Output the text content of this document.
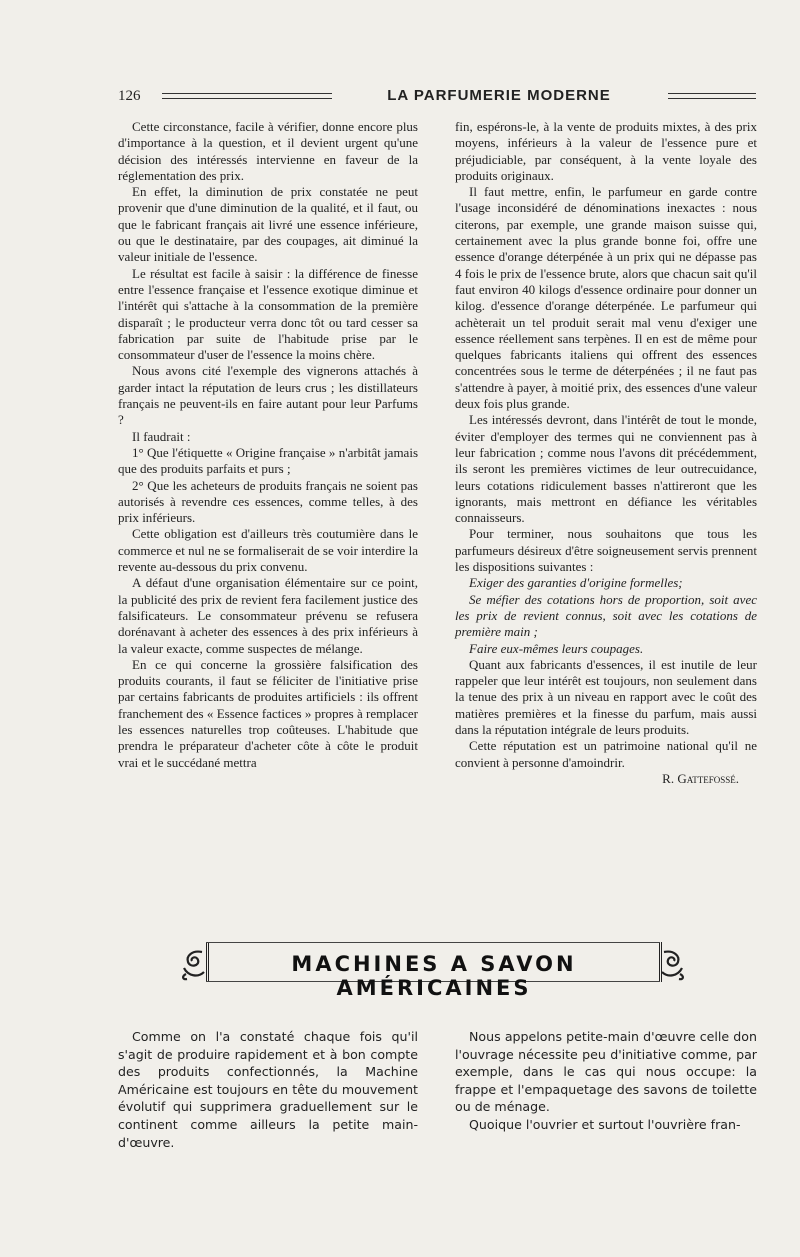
126	LA PARFUMERIE MODERNE

Cette circonstance, facile à vérifier, donne encore plus d'importance à la question, et il devient urgent qu'une décision des intéressés intervienne en faveur de la réglementation des prix.

En effet, la diminution de prix constatée ne peut provenir que d'une diminution de la qualité, et il faut, ou que le fabricant français ait livré une essence inférieure, ou que le destinataire, par des coupages, ait diminué la valeur initiale de l'essence.

Le résultat est facile à saisir : la différence de finesse entre l'essence française et l'essence exotique diminue et l'intérêt qui s'attache à la consommation de la première disparaît ; le producteur verra donc tôt ou tard cesser sa fabrication par suite de l'habitude prise par le consommateur d'user de l'essence la moins chère.

Nous avons cité l'exemple des vignerons attachés à garder intact la réputation de leurs crus ; les distillateurs français ne peuvent-ils en faire autant pour leur Parfums ?

Il faudrait :

1° Que l'étiquette « Origine française » n'arbitât jamais que des produits parfaits et purs ;

2° Que les acheteurs de produits français ne soient pas autorisés à revendre ces essences, comme telles, à des prix inférieurs.

Cette obligation est d'ailleurs très coutumière dans le commerce et nul ne se formaliserait de se voir interdire la revente au-dessous du prix convenu.

A défaut d'une organisation élémentaire sur ce point, la publicité des prix de revient fera facilement justice des falsificateurs. Le consommateur prévenu se refusera dorénavant à acheter des essences à des prix inférieurs à la valeur exacte, comme suspectes de mélange.

En ce qui concerne la grossière falsification des produits courants, il faut se féliciter de l'initiative prise par certains fabricants de produites artificiels : ils offrent franchement des « Essence factices » propres à remplacer les essences naturelles trop coûteuses. L'habitude que prendra le préparateur d'acheter côte à côte le produit vrai et le succédané mettra

fin, espérons-le, à la vente de produits mixtes, à des prix moyens, inférieurs à la valeur de l'essence pure et préjudiciable, par conséquent, à la vente loyale des produits originaux.

Il faut mettre, enfin, le parfumeur en garde contre l'usage inconsidéré de dénominations inexactes : nous citerons, par exemple, une grande maison suisse qui, certainement avec la plus grande bonne foi, offre une essence d'orange déterpénée à un prix qui ne dépasse pas 4 fois le prix de l'essence brute, alors que chacun sait qu'il faut environ 40 kilogs d'essence ordinaire pour donner un kilog. d'essence d'orange déterpénée. Le parfumeur qui achèterait un tel produit serait mal venu d'exiger une essence réellement sans terpènes. Il en est de même pour quelques fabricants italiens qui offrent des essences concentrées sous le terme de déterpénées ; il ne faut pas s'attendre à payer, à moitié prix, des essences d'une valeur deux fois plus grande.

Les intéressés devront, dans l'intérêt de tout le monde, éviter d'employer des termes qui ne conviennent pas à leur fabrication ; comme nous l'avons dit précédemment, ils seront les premières victimes de leur outrecuidance, leurs cotations ridiculement basses n'attireront que les ignorants, mais mettront en défiance les véritables connaisseurs.

Pour terminer, nous souhaitons que tous les parfumeurs désireux d'être soigneusement servis prennent les dispositions suivantes :

Exiger des garanties d'origine formelles;

Se méfier des cotations hors de proportion, soit avec les prix de revient connus, soit avec les cotations de première main ;

Faire eux-mêmes leurs coupages.

Quant aux fabricants d'essences, il est inutile de leur rappeler que leur intérêt est toujours, non seulement dans la tenue des prix à un niveau en rapport avec le coût des matières premières et la finesse du parfum, mais aussi dans la réputation intégrale de leurs produits.

Cette réputation est un patrimoine national qu'il ne convient à personne d'amoindrir.

R. Gattefossé.

MACHINES A SAVON AMÉRICAINES

Comme on l'a constaté chaque fois qu'il s'agit de produire rapidement et à bon compte des produits confectionnés, la Machine Américaine est toujours en tête du mouvement évolutif qui supprimera graduellement sur le continent comme ailleurs la petite main-d'œuvre.

Nous appelons petite-main d'œuvre celle don l'ouvrage nécessite peu d'initiative comme, par exemple, dans le cas qui nous occupe: la frappe et l'empaquetage des savons de toilette ou de ménage.

Quoique l'ouvrier et surtout l'ouvrière fran-
